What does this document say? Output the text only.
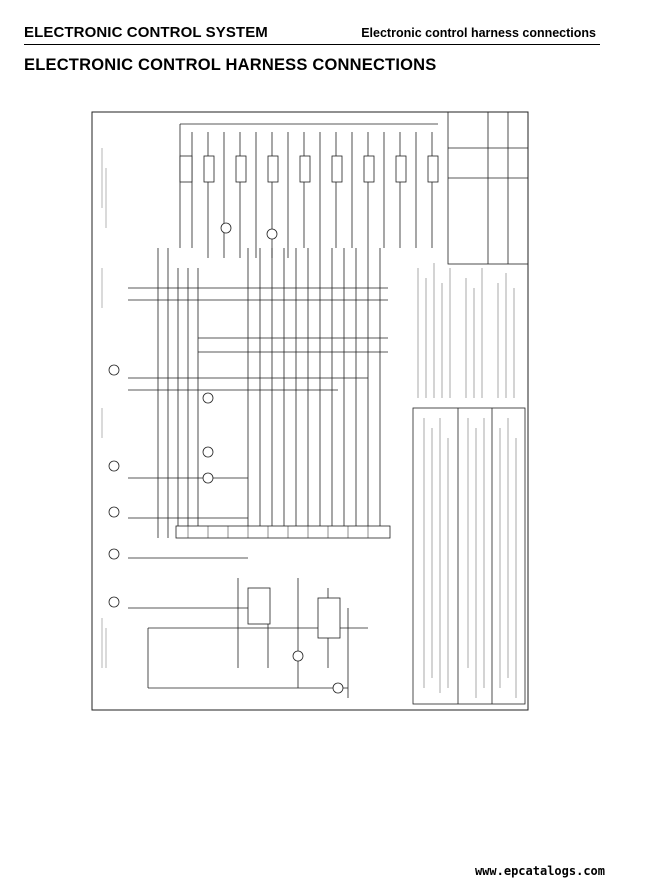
ELECTRONIC CONTROL SYSTEM	Electronic control harness connections
ELECTRONIC CONTROL HARNESS CONNECTIONS
www.epcatalogs.com
